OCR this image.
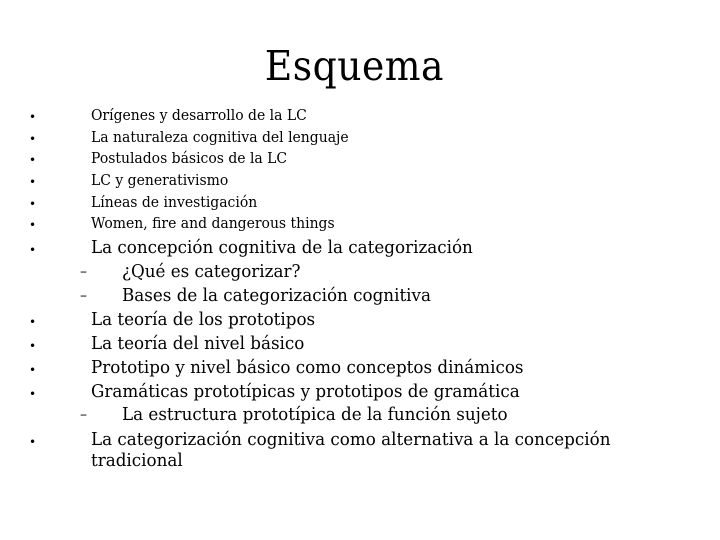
Esquema
•	Orígenes y desarrollo de la LC
•	La naturaleza cognitiva del lenguaje
•	Postulados básicos de la LC
•	LC y generativismo
•	Líneas de investigación
•	Women, fire and dangerous things
•	La concepción cognitiva de la categorización
– ¿Qué es categorizar?
– Bases de la categorización cognitiva
•	La teoría de los prototipos
•	La teoría del nivel básico
•	Prototipo y nivel básico como conceptos dinámicos
•	Gramáticas prototípicas y prototipos de gramática
– La estructura prototípica de la función sujeto
•	La categorización cognitiva como alternativa a la concepción
tradicional
